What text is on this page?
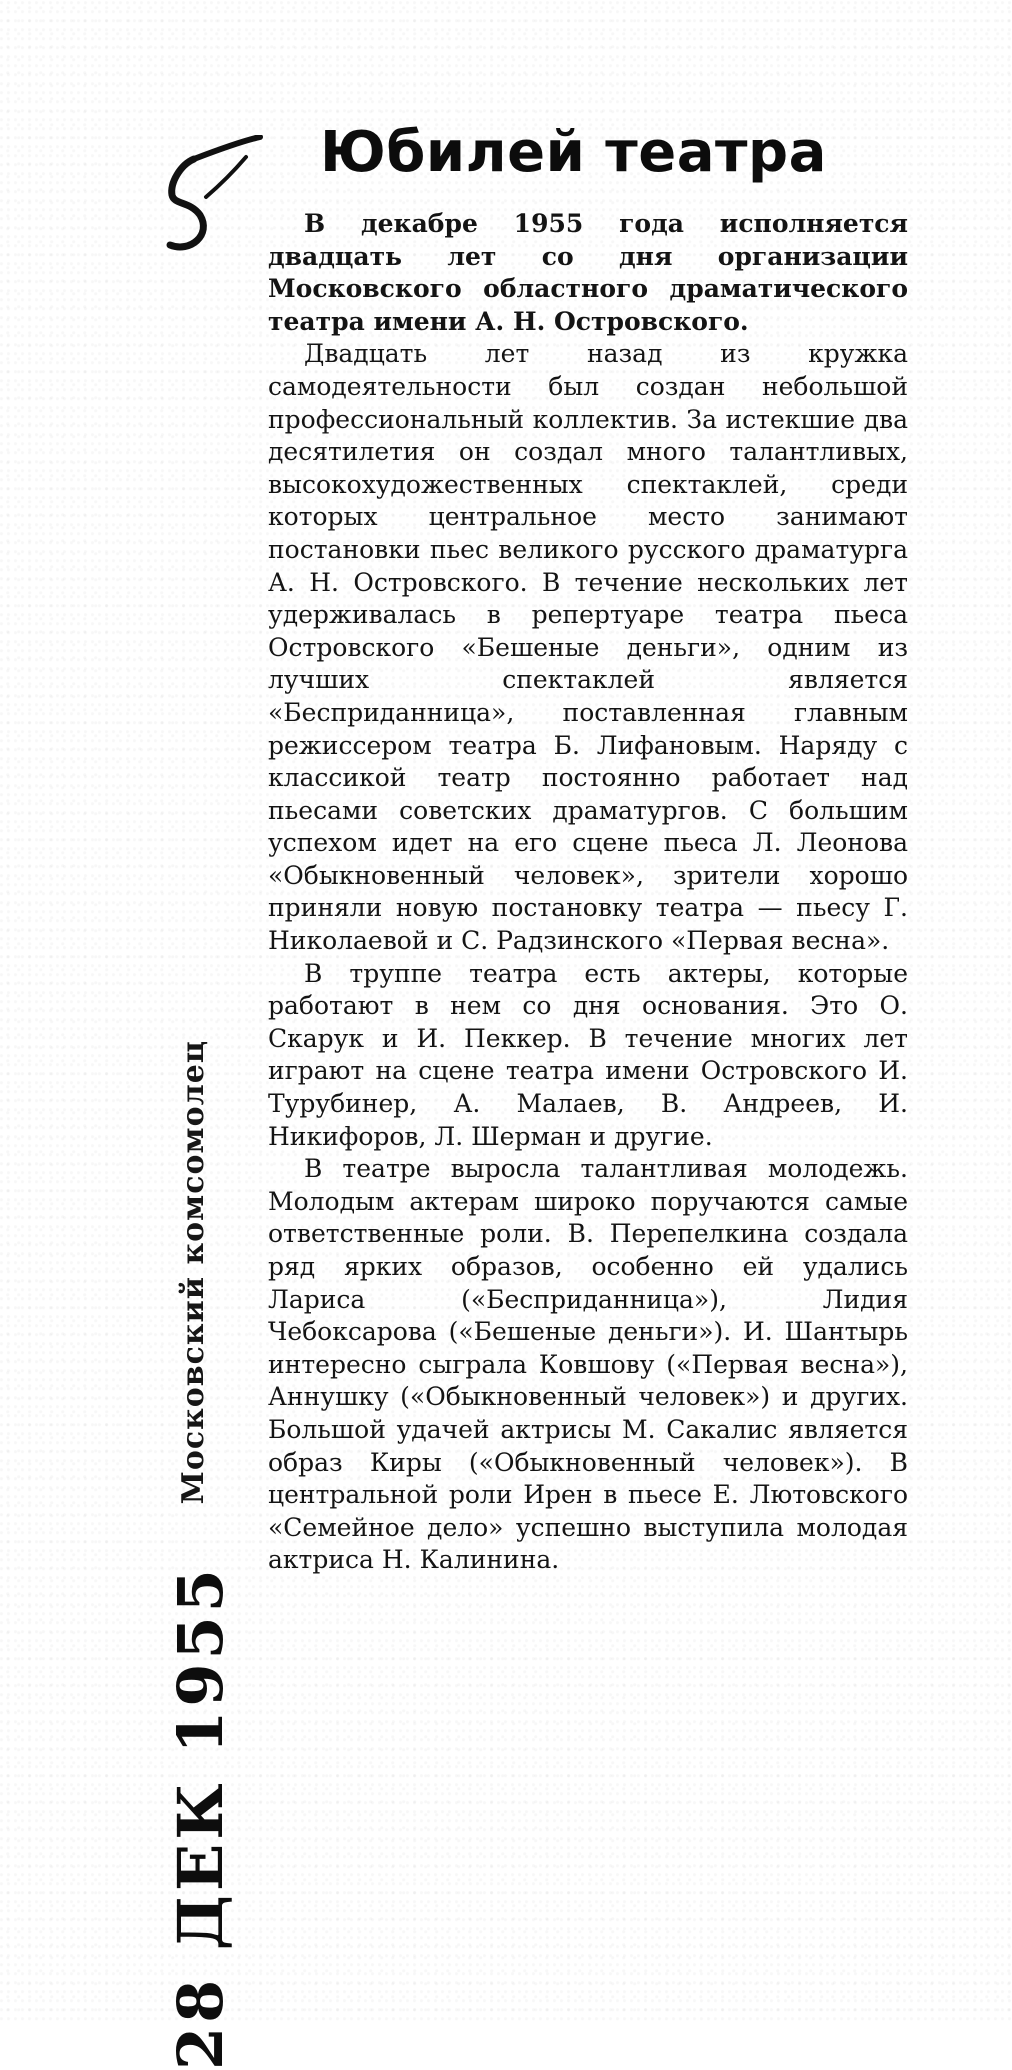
Юбилей театра
Московский комсомолец
28 ДЕК 1955

В декабре 1955 года исполняется двадцать лет со дня организации Московского областного драматического театра имени А. Н. Островского.

Двадцать лет назад из кружка самодеятельности был создан небольшой профессиональный коллектив. За истекшие два десятилетия он создал много талантливых, высокохудожественных спектаклей, среди которых центральное место занимают постановки пьес великого русского драматурга А. Н. Островского. В течение нескольких лет удерживалась в репертуаре театра пьеса Островского «Бешеные деньги», одним из лучших спектаклей является «Бесприданница», поставленная главным режиссером театра Б. Лифановым. Наряду с классикой театр постоянно работает над пьесами советских драматургов. С большим успехом идет на его сцене пьеса Л. Леонова «Обыкновенный человек», зрители хорошо приняли новую постановку театра — пьесу Г. Николаевой и С. Радзинского «Первая весна».

В труппе театра есть актеры, которые работают в нем со дня основания. Это О. Скарук и И. Пеккер. В течение многих лет играют на сцене театра имени Островского И. Турубинер, А. Малаев, В. Андреев, И. Никифоров, Л. Шерман и другие.

В театре выросла талантливая молодежь. Молодым актерам широко поручаются самые ответственные роли. В. Перепелкина создала ряд ярких образов, особенно ей удались Лариса («Бесприданница»), Лидия Чебоксарова («Бешеные деньги»). И. Шантырь интересно сыграла Ковшову («Первая весна»), Аннушку («Обыкновенный человек») и других. Большой удачей актрисы М. Сакалис является образ Киры («Обыкновенный человек»). В центральной роли Ирен в пьесе Е. Лютовского «Семейное дело» успешно выступила молодая актриса Н. Калинина.
